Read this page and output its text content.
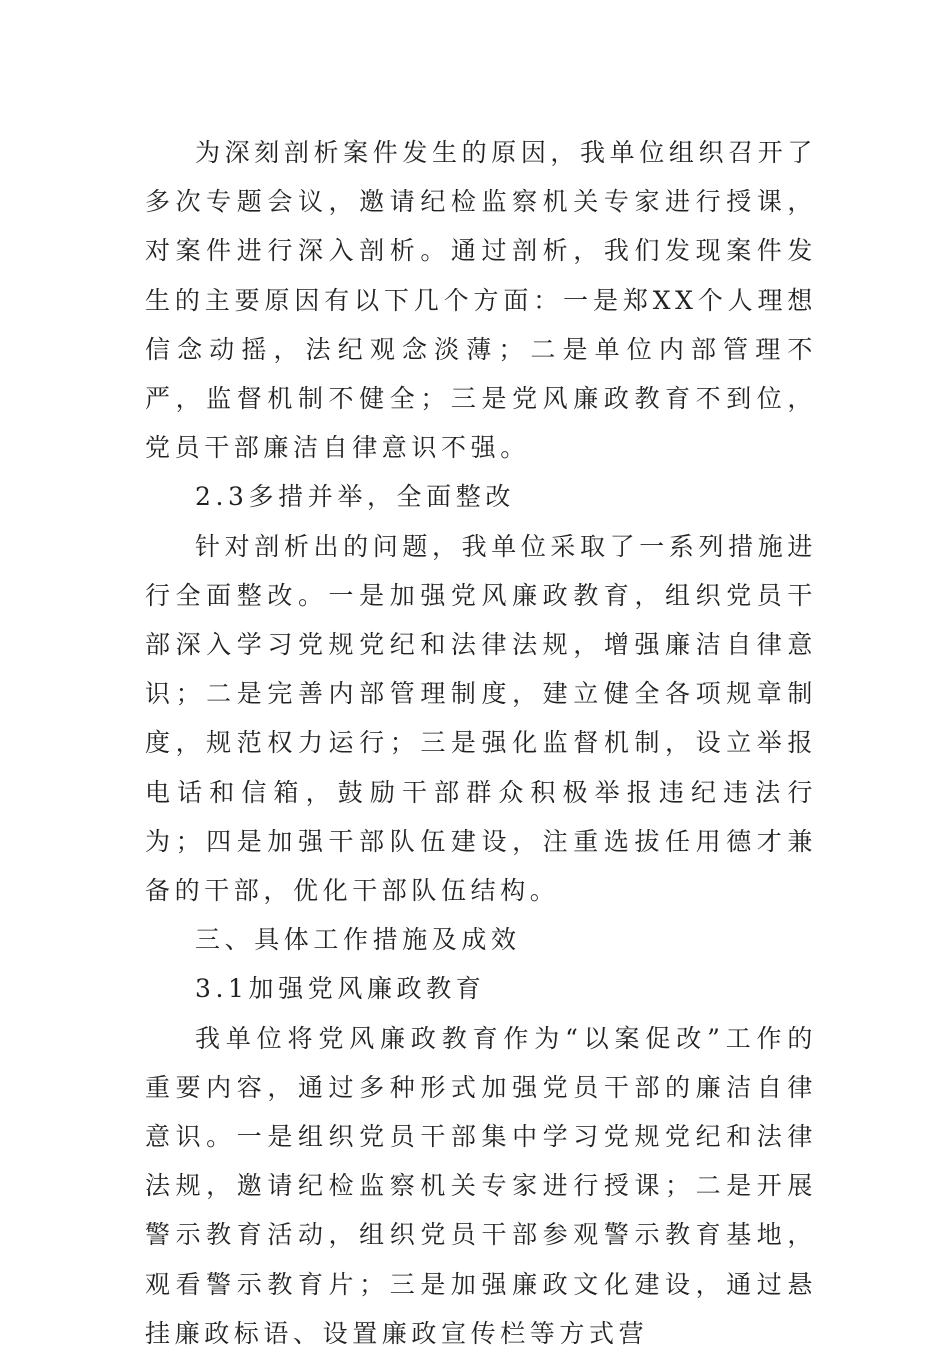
为深刻剖析案件发生的原因，我单位组织召开了多次专题会议，邀请纪检监察机关专家进行授课，对案件进行深入剖析。通过剖析，我们发现案件发生的主要原因有以下几个方面：一是郑XX个人理想信念动摇，法纪观念淡薄；二是单位内部管理不严，监督机制不健全；三是党风廉政教育不到位，党员干部廉洁自律意识不强。

2.3多措并举，全面整改

针对剖析出的问题，我单位采取了一系列措施进行全面整改。一是加强党风廉政教育，组织党员干部深入学习党规党纪和法律法规，增强廉洁自律意识；二是完善内部管理制度，建立健全各项规章制度，规范权力运行；三是强化监督机制，设立举报电话和信箱，鼓励干部群众积极举报违纪违法行为；四是加强干部队伍建设，注重选拔任用德才兼备的干部，优化干部队伍结构。

三、具体工作措施及成效

3.1加强党风廉政教育

我单位将党风廉政教育作为“以案促改”工作的重要内容，通过多种形式加强党员干部的廉洁自律意识。一是组织党员干部集中学习党规党纪和法律法规，邀请纪检监察机关专家进行授课；二是开展警示教育活动，组织党员干部参观警示教育基地，观看警示教育片；三是加强廉政文化建设，通过悬挂廉政标语、设置廉政宣传栏等方式营
